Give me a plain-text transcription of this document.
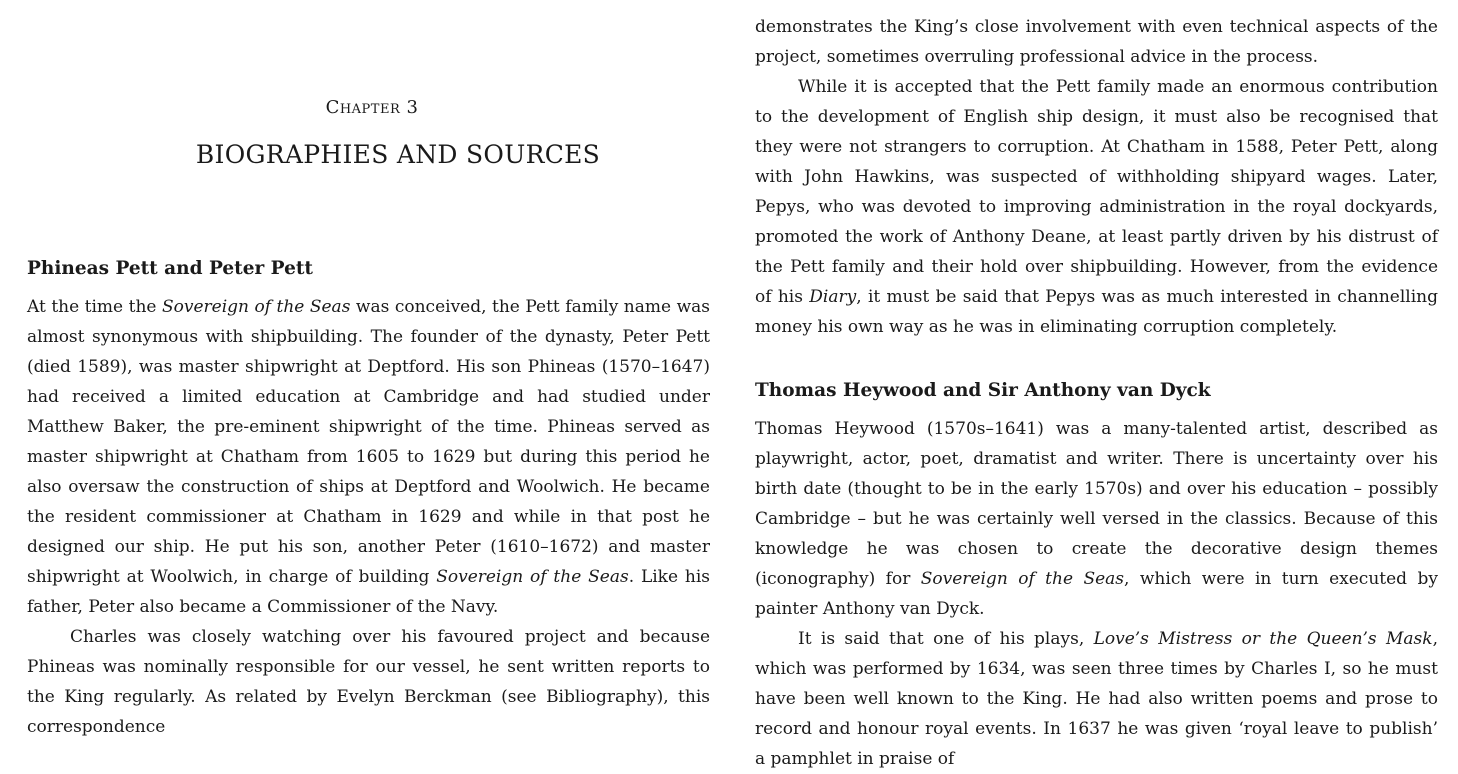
Chapter 3

BIOGRAPHIES AND SOURCES
Phineas Pett and Peter Pett

At the time the Sovereign of the Seas was conceived, the Pett family name was almost synonymous with shipbuilding. The founder of the dynasty, Peter Pett (died 1589), was master shipwright at Deptford. His son Phineas (1570–1647) had received a limited education at Cambridge and had studied under Matthew Baker, the pre-eminent shipwright of the time. Phineas served as master shipwright at Chatham from 1605 to 1629 but during this period he also oversaw the construction of ships at Deptford and Woolwich. He became the resident commissioner at Chatham in 1629 and while in that post he designed our ship. He put his son, another Peter (1610–1672) and master shipwright at Woolwich, in charge of building Sovereign of the Seas. Like his father, Peter also became a Commissioner of the Navy.

Charles was closely watching over his favoured project and because Phineas was nominally responsible for our vessel, he sent written reports to the King regularly. As related by Evelyn Berckman (see Bibliography), this correspondence

demonstrates the King’s close involvement with even technical aspects of the project, sometimes overruling professional advice in the process.

While it is accepted that the Pett family made an enormous contribution to the development of English ship design, it must also be recognised that they were not strangers to corruption. At Chatham in 1588, Peter Pett, along with John Hawkins, was suspected of withholding shipyard wages. Later, Pepys, who was devoted to improving administration in the royal dockyards, promoted the work of Anthony Deane, at least partly driven by his distrust of the Pett family and their hold over shipbuilding. However, from the evidence of his Diary, it must be said that Pepys was as much interested in channelling money his own way as he was in eliminating corruption completely.

Thomas Heywood and Sir Anthony van Dyck

Thomas Heywood (1570s–1641) was a many-talented artist, described as playwright, actor, poet, dramatist and writer. There is uncertainty over his birth date (thought to be in the early 1570s) and over his education – possibly Cambridge – but he was certainly well versed in the classics. Because of this knowledge he was chosen to create the decorative design themes (iconography) for Sovereign of the Seas, which were in turn executed by painter Anthony van Dyck.

It is said that one of his plays, Love’s Mistress or the Queen’s Mask, which was performed by 1634, was seen three times by Charles I, so he must have been well known to the King. He had also written poems and prose to record and honour royal events. In 1637 he was given ‘royal leave to publish’ a pamphlet in praise of
